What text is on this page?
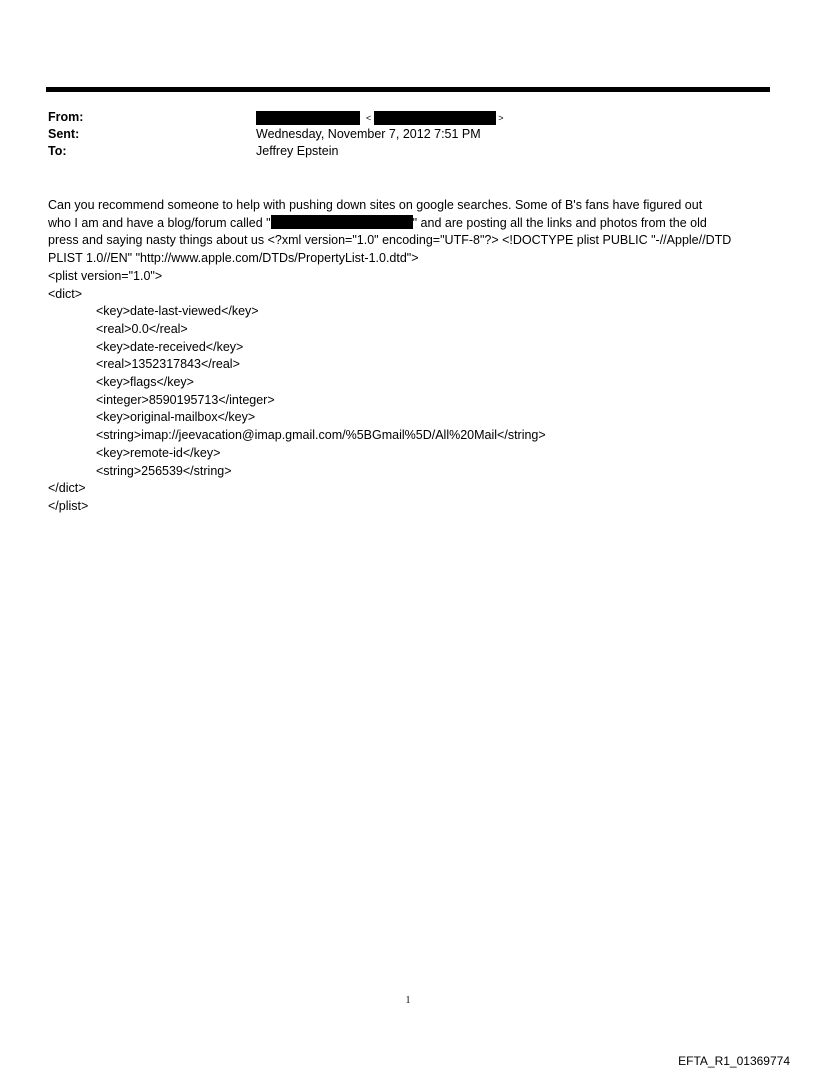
From:	<	>
Sent:	Wednesday, November 7, 2012 7:51 PM
To:	Jeffrey Epstein

Can you recommend someone to help with pushing down sites on google searches. Some of B's fans have figured out

who I am and have a blog/forum called "	" and are posting all the links and photos from the old

press and saying nasty things about us <?xml version="1.0" encoding="UTF-8"?> <!DOCTYPE plist PUBLIC "-//Apple//DTD

PLIST 1.0//EN" "http://www.apple.com/DTDs/PropertyList-1.0.dtd">

<plist version="1.0">

<dict>

<key>date-last-viewed</key>

<real>0.0</real>

<key>date-received</key>

<real>1352317843</real>

<key>flags</key>

<integer>8590195713</integer>

<key>original-mailbox</key>

<string>imap://jeevacation@imap.gmail.com/%5BGmail%5D/All%20Mail</string>

<key>remote-id</key>

<string>256539</string>

</dict>

</plist>

1
EFTA_R1_01369774
